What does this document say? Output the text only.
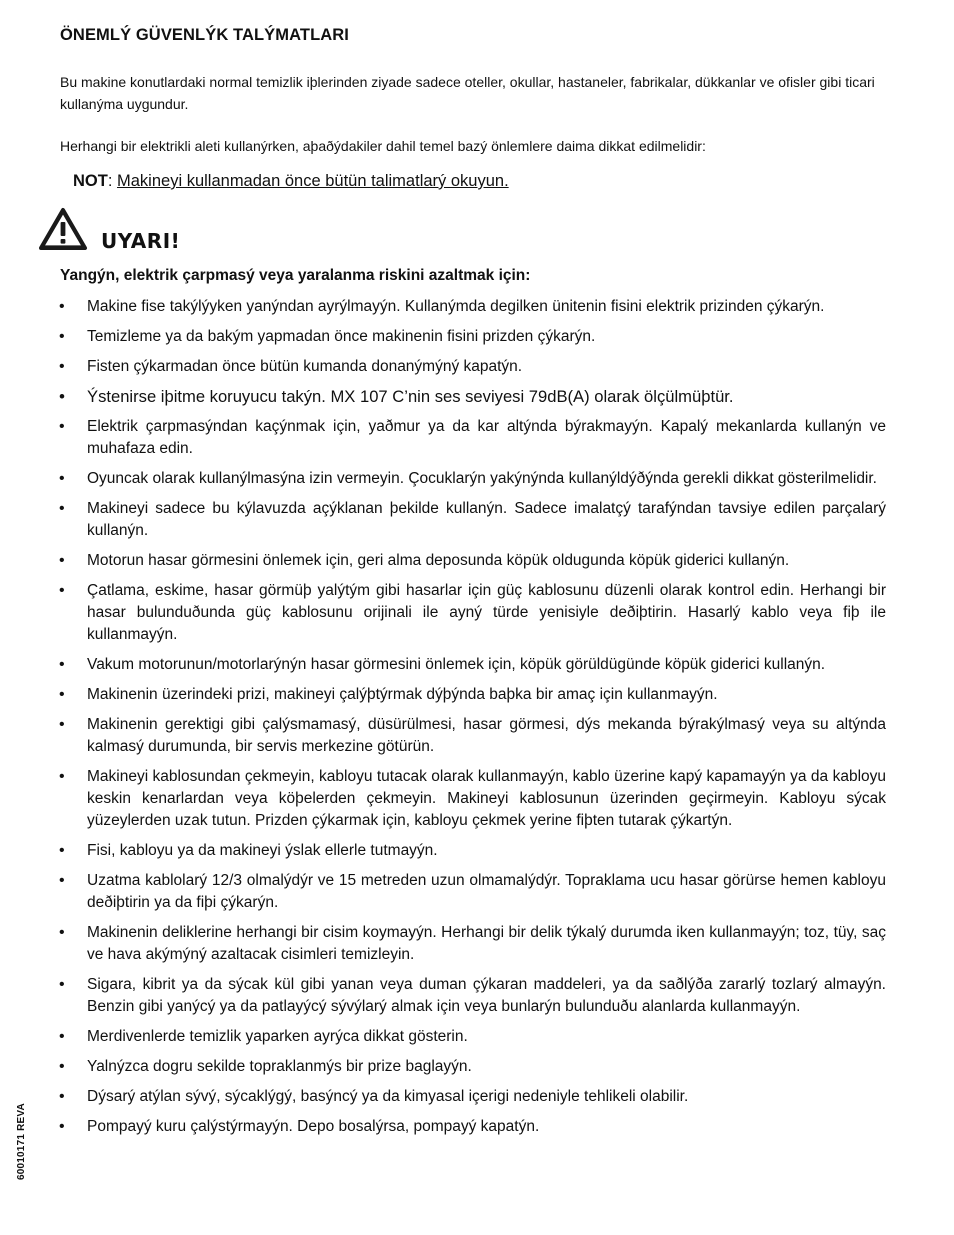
ÖNEMLÝ GÜVENLÝK TALÝMATLARI
Bu makine konutlardaki normal temizlik iþlerinden ziyade sadece oteller, okullar, hastaneler, fabrikalar, dükkanlar ve ofisler gibi ticari kullanýma uygundur.
Herhangi bir elektrikli aleti kullanýrken, aþaðýdakiler dahil temel bazý önlemlere daima dikkat edilmelidir:
NOT: Makineyi kullanmadan önce bütün talimatlarý okuyun.
UYARI!
Yangýn, elektrik çarpmasý veya yaralanma riskini azaltmak için:
• Makine fise takýlýyken yanýndan ayrýlmayýn. Kullanýmda degilken ünitenin fisini elektrik prizinden çýkarýn.
• Temizleme ya da bakým yapmadan önce makinenin fisini prizden çýkarýn.
• Fisten çýkarmadan önce bütün kumanda donanýmýný kapatýn.
• Ýstenirse iþitme koruyucu takýn. MX 107 C’nin ses seviyesi 79dB(A) olarak ölçülmüþtür.
• Elektrik çarpmasýndan kaçýnmak için, yaðmur ya da kar altýnda býrakmayýn. Kapalý mekanlarda kullanýn ve muhafaza edin.
• Oyuncak olarak kullanýlmasýna izin vermeyin. Çocuklarýn yakýnýnda kullanýldýðýnda gerekli dikkat gösterilmelidir.
• Makineyi sadece bu kýlavuzda açýklanan þekilde kullanýn. Sadece imalatçý tarafýndan tavsiye edilen parçalarý kullanýn.
• Motorun hasar görmesini önlemek için, geri alma deposunda köpük oldugunda köpük giderici kullanýn.
• Çatlama, eskime, hasar görmüþ yalýtým gibi hasarlar için güç kablosunu düzenli olarak kontrol edin. Herhangi bir hasar bulunduðunda güç kablosunu orijinali ile ayný türde yenisiyle deðiþtirin. Hasarlý kablo veya fiþ ile kullanmayýn.
• Vakum motorunun/motorlarýnýn hasar görmesini önlemek için, köpük görüldügünde köpük giderici kullanýn.
• Makinenin üzerindeki prizi, makineyi çalýþtýrmak dýþýnda baþka bir amaç için kullanmayýn.
• Makinenin gerektigi gibi çalýsmamasý, düsürülmesi, hasar görmesi, dýs mekanda býrakýlmasý veya su altýnda kalmasý durumunda, bir servis merkezine götürün.
• Makineyi kablosundan çekmeyin, kabloyu tutacak olarak kullanmayýn, kablo üzerine kapý kapamayýn ya da kabloyu keskin kenarlardan veya köþelerden çekmeyin. Makineyi kablosunun üzerinden geçirmeyin. Kabloyu sýcak yüzeylerden uzak tutun. Prizden çýkarmak için, kabloyu çekmek yerine fiþten tutarak çýkartýn.
• Fisi, kabloyu ya da makineyi ýslak ellerle tutmayýn.
• Uzatma kablolarý 12/3 olmalýdýr ve 15 metreden uzun olmamalýdýr. Topraklama ucu hasar görürse hemen kabloyu deðiþtirin ya da fiþi çýkarýn.
• Makinenin deliklerine herhangi bir cisim koymayýn. Herhangi bir delik týkalý durumda iken kullanmayýn; toz, tüy, saç ve hava akýmýný azaltacak cisimleri temizleyin.
• Sigara, kibrit ya da sýcak kül gibi yanan veya duman çýkaran maddeleri, ya da saðlýða zararlý tozlarý almayýn. Benzin gibi yanýcý ya da patlayýcý sývýlarý almak için veya bunlarýn bulunduðu alanlarda kullanmayýn.
• Merdivenlerde temizlik yaparken ayrýca dikkat gösterin.
• Yalnýzca dogru sekilde topraklanmýs bir prize baglayýn.
• Dýsarý atýlan sývý, sýcaklýgý, basýncý ya da kimyasal içerigi nedeniyle tehlikeli olabilir.
• Pompayý kuru çalýstýrmayýn. Depo bosalýrsa, pompayý kapatýn.
60010171 REVA
